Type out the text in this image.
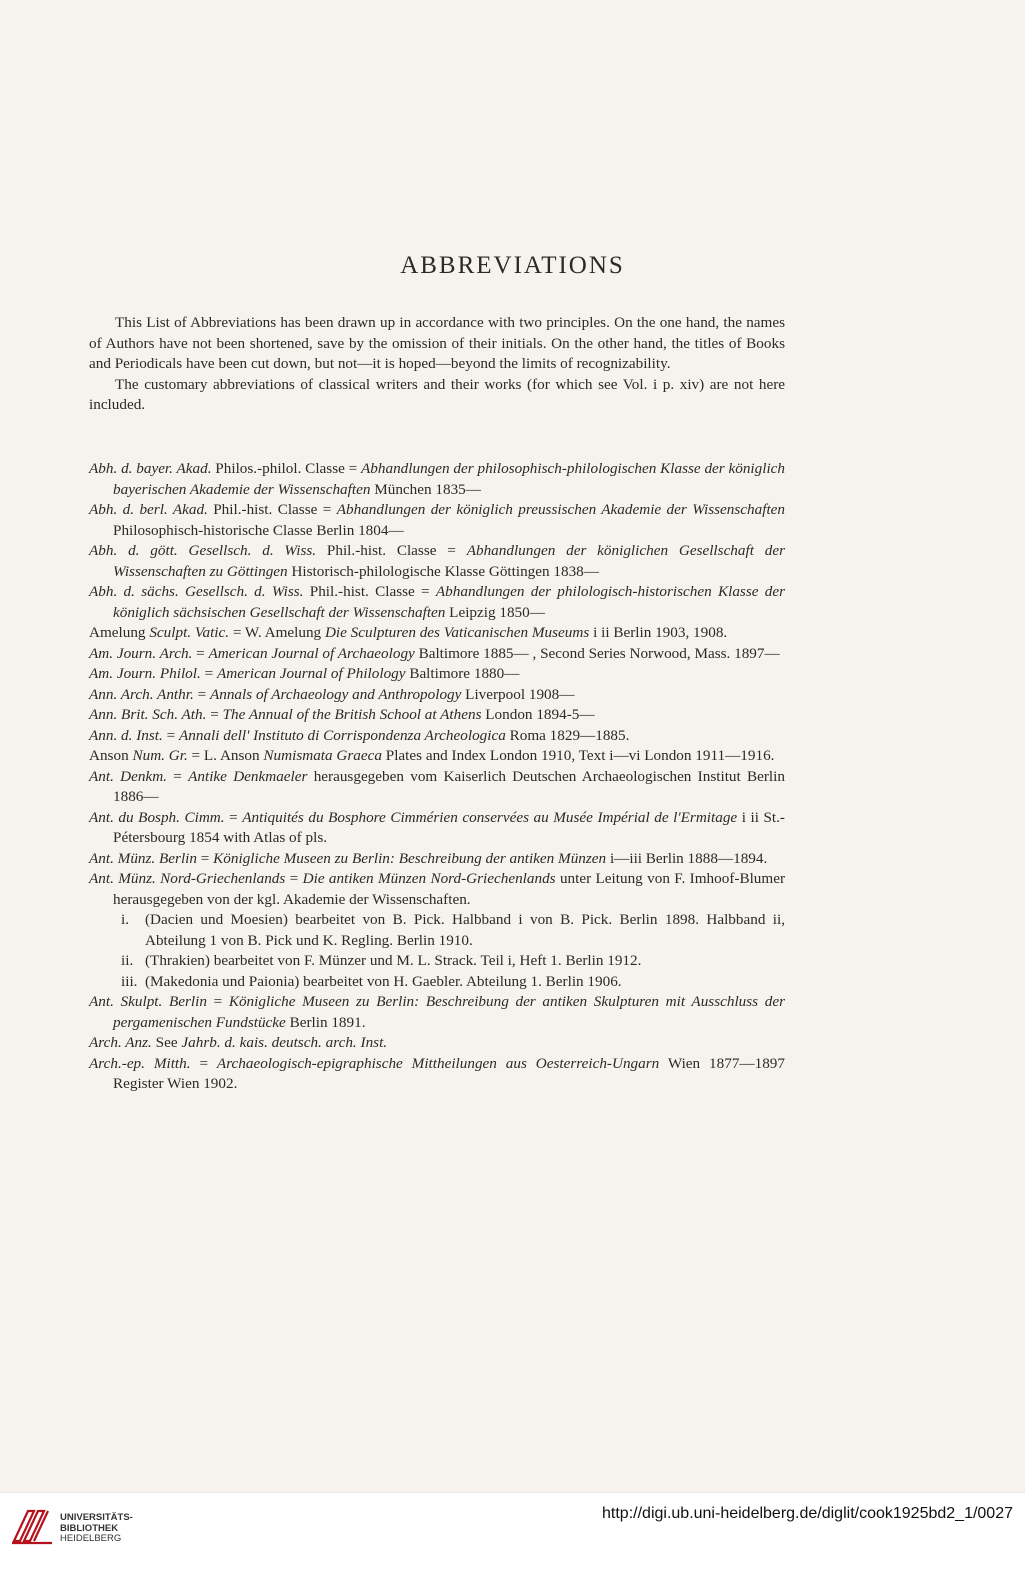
ABBREVIATIONS

This List of Abbreviations has been drawn up in accordance with two principles. On the one hand, the names of Authors have not been shortened, save by the omission of their initials. On the other hand, the titles of Books and Periodicals have been cut down, but not—it is hoped—beyond the limits of recognizability.

The customary abbreviations of classical writers and their works (for which see Vol. i p. xiv) are not here included.

Abh. d. bayer. Akad. Philos.-philol. Classe = Abhandlungen der philosophisch-philologischen Klasse der königlich bayerischen Akademie der Wissenschaften München 1835—

Abh. d. berl. Akad. Phil.-hist. Classe = Abhandlungen der königlich preussischen Akademie der Wissenschaften Philosophisch-historische Classe Berlin 1804—

Abh. d. gött. Gesellsch. d. Wiss. Phil.-hist. Classe = Abhandlungen der königlichen Gesellschaft der Wissenschaften zu Göttingen Historisch-philologische Klasse Göttingen 1838—

Abh. d. sächs. Gesellsch. d. Wiss. Phil.-hist. Classe = Abhandlungen der philologisch-historischen Klasse der königlich sächsischen Gesellschaft der Wissenschaften Leipzig 1850—

Amelung Sculpt. Vatic. = W. Amelung Die Sculpturen des Vaticanischen Museums i ii Berlin 1903, 1908.

Am. Journ. Arch. = American Journal of Archaeology Baltimore 1885— , Second Series Norwood, Mass. 1897—

Am. Journ. Philol. = American Journal of Philology Baltimore 1880—

Ann. Arch. Anthr. = Annals of Archaeology and Anthropology Liverpool 1908—

Ann. Brit. Sch. Ath. = The Annual of the British School at Athens London 1894-5—

Ann. d. Inst. = Annali dell' Instituto di Corrispondenza Archeologica Roma 1829—1885.

Anson Num. Gr. = L. Anson Numismata Graeca Plates and Index London 1910, Text i—vi London 1911—1916.

Ant. Denkm. = Antike Denkmaeler herausgegeben vom Kaiserlich Deutschen Archaeologischen Institut Berlin 1886—

Ant. du Bosph. Cimm. = Antiquités du Bosphore Cimmérien conservées au Musée Impérial de l'Ermitage i ii St.-Pétersbourg 1854 with Atlas of pls.

Ant. Münz. Berlin = Königliche Museen zu Berlin: Beschreibung der antiken Münzen i—iii Berlin 1888—1894.

Ant. Münz. Nord-Griechenlands = Die antiken Münzen Nord-Griechenlands unter Leitung von F. Imhoof-Blumer herausgegeben von der kgl. Akademie der Wissenschaften.

i. (Dacien und Moesien) bearbeitet von B. Pick. Halbband i von B. Pick. Berlin 1898. Halbband ii, Abteilung 1 von B. Pick und K. Regling. Berlin 1910.

ii. (Thrakien) bearbeitet von F. Münzer und M. L. Strack. Teil i, Heft 1. Berlin 1912.

iii. (Makedonia und Paionia) bearbeitet von H. Gaebler. Abteilung 1. Berlin 1906.

Ant. Skulpt. Berlin = Königliche Museen zu Berlin: Beschreibung der antiken Skulpturen mit Ausschluss der pergamenischen Fundstücke Berlin 1891.

Arch. Anz. See Jahrb. d. kais. deutsch. arch. Inst.

Arch.-ep. Mitth. = Archaeologisch-epigraphische Mittheilungen aus Oesterreich-Ungarn Wien 1877—1897 Register Wien 1902.

UNIVERSITÄTS-
BIBLIOTHEK
HEIDELBERG
http://digi.ub.uni-heidelberg.de/diglit/cook1925bd2_1/0027
